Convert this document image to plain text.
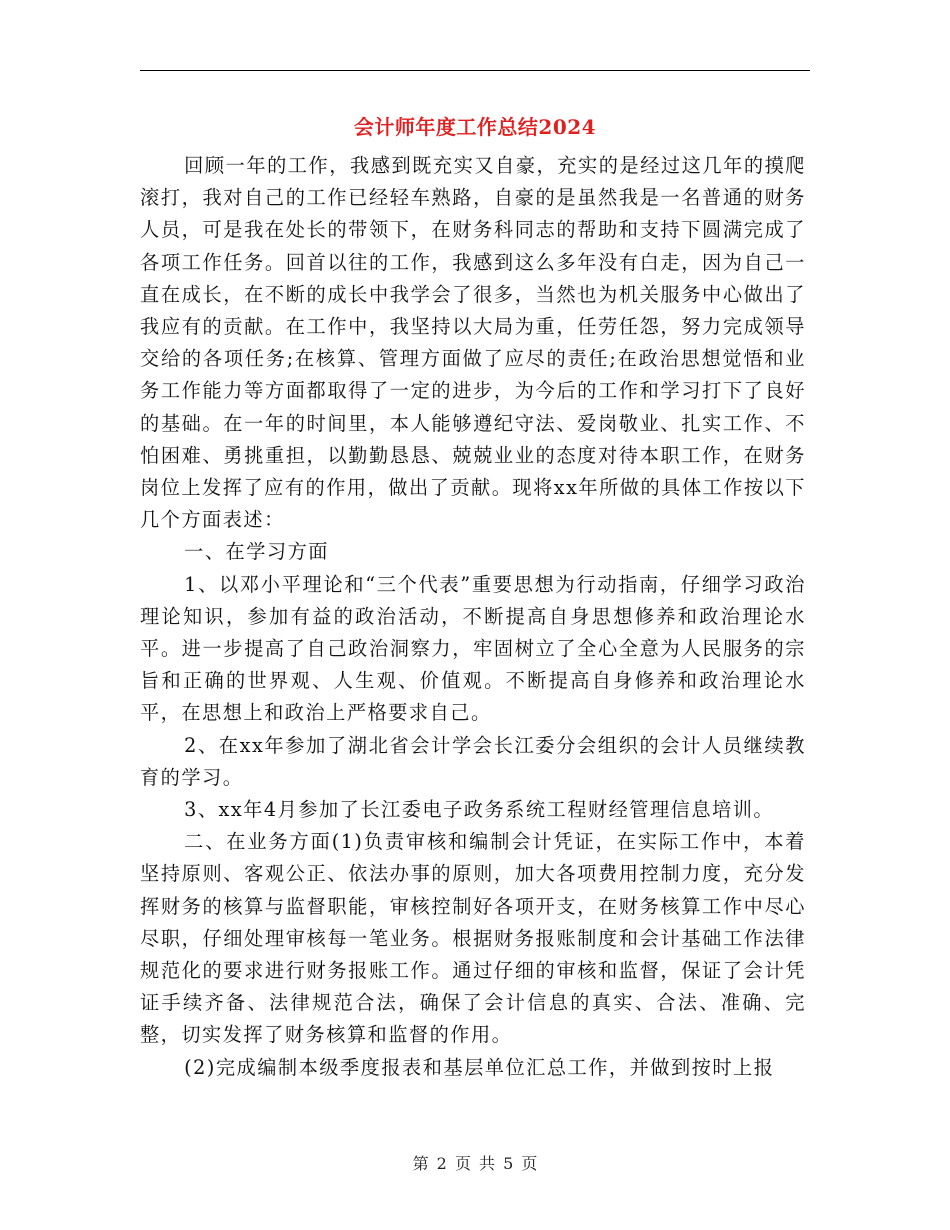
会计师年度工作总结2024

回顾一年的工作，我感到既充实又自豪，充实的是经过这几年的摸爬滚打，我对自己的工作已经轻车熟路，自豪的是虽然我是一名普通的财务人员，可是我在处长的带领下，在财务科同志的帮助和支持下圆满完成了各项工作任务。回首以往的工作，我感到这么多年没有白走，因为自己一直在成长，在不断的成长中我学会了很多，当然也为机关服务中心做出了我应有的贡献。在工作中，我坚持以大局为重，任劳任怨，努力完成领导交给的各项任务;在核算、管理方面做了应尽的责任;在政治思想觉悟和业务工作能力等方面都取得了一定的进步，为今后的工作和学习打下了良好的基础。在一年的时间里，本人能够遵纪守法、爱岗敬业、扎实工作、不怕困难、勇挑重担，以勤勤恳恳、兢兢业业的态度对待本职工作，在财务岗位上发挥了应有的作用，做出了贡献。现将xx年所做的具体工作按以下几个方面表述：

一、在学习方面

1、以邓小平理论和“三个代表”重要思想为行动指南，仔细学习政治理论知识，参加有益的政治活动，不断提高自身思想修养和政治理论水平。进一步提高了自己政治洞察力，牢固树立了全心全意为人民服务的宗旨和正确的世界观、人生观、价值观。不断提高自身修养和政治理论水平，在思想上和政治上严格要求自己。

2、在xx年参加了湖北省会计学会长江委分会组织的会计人员继续教育的学习。

3、xx年4月参加了长江委电子政务系统工程财经管理信息培训。

二、在业务方面(1)负责审核和编制会计凭证，在实际工作中，本着坚持原则、客观公正、依法办事的原则，加大各项费用控制力度，充分发挥财务的核算与监督职能，审核控制好各项开支，在财务核算工作中尽心尽职，仔细处理审核每一笔业务。根据财务报账制度和会计基础工作法律规范化的要求进行财务报账工作。通过仔细的审核和监督，保证了会计凭证手续齐备、法律规范合法，确保了会计信息的真实、合法、准确、完整，切实发挥了财务核算和监督的作用。

(2)完成编制本级季度报表和基层单位汇总工作，并做到按时上报

第 2 页 共 5 页
